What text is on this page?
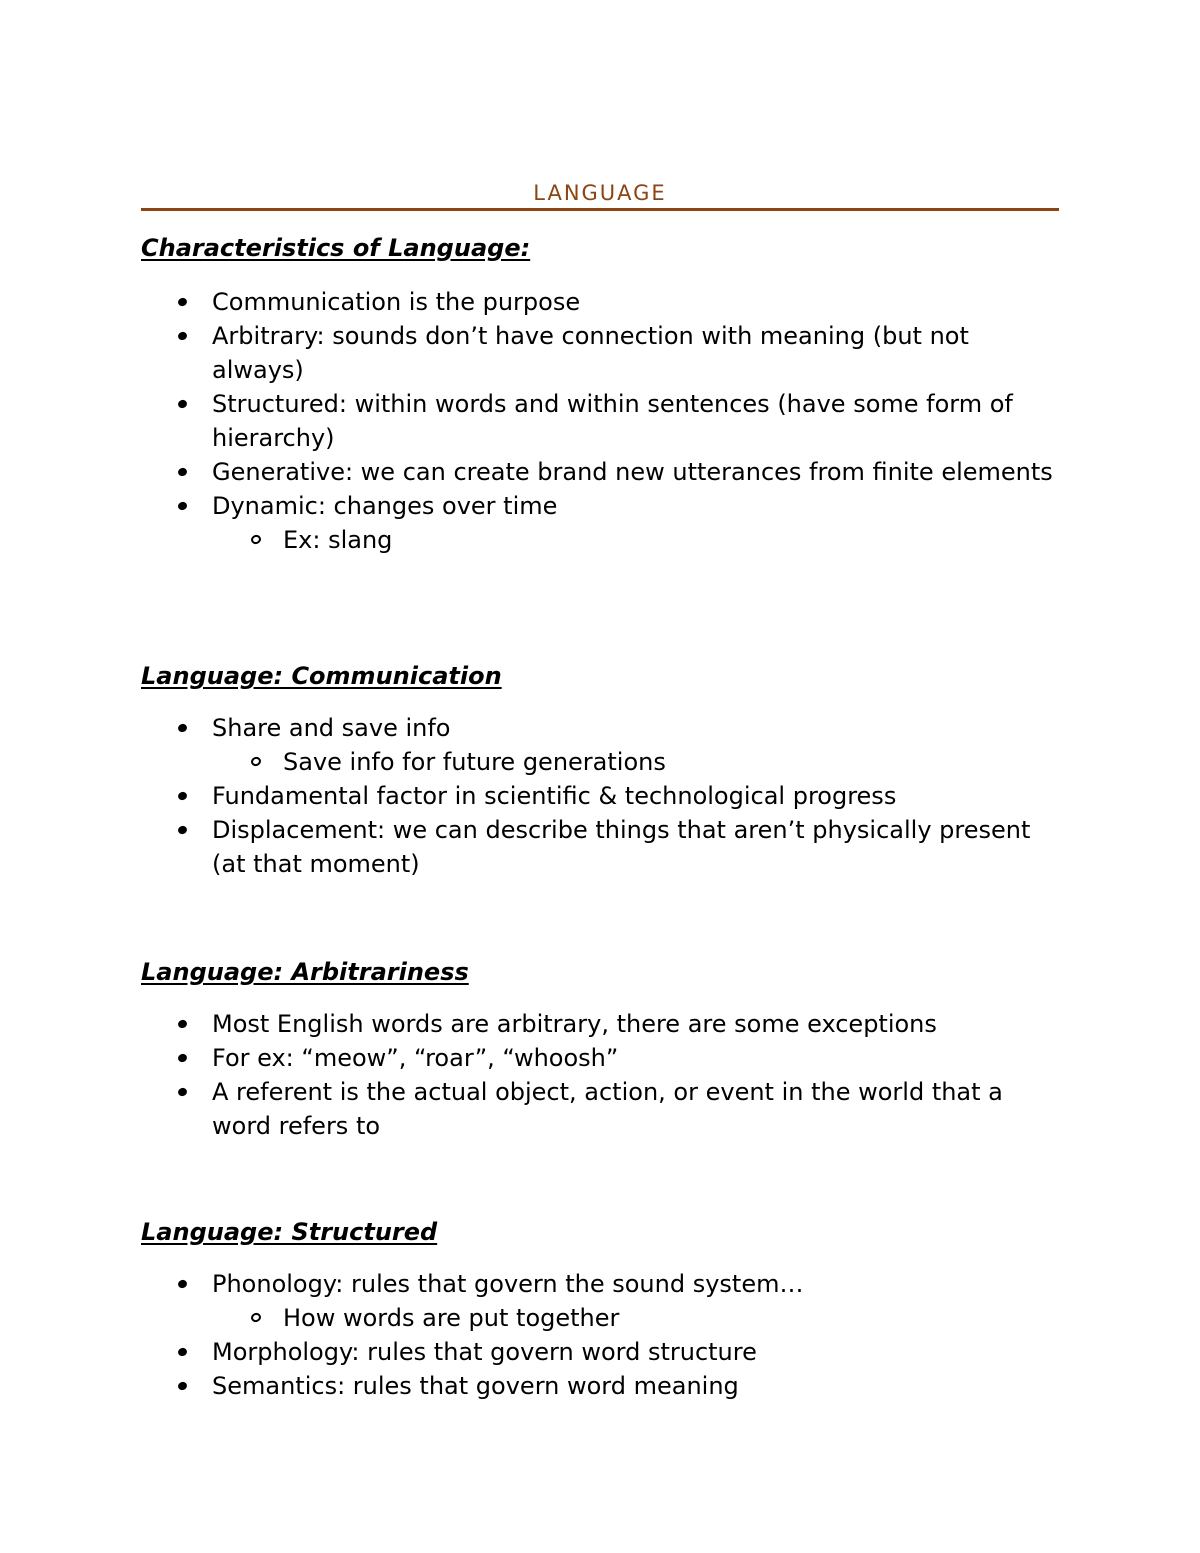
LANGUAGE
Characteristics of Language:
Communication is the purpose
Arbitrary: sounds don’t have connection with meaning (but not always)
Structured: within words and within sentences (have some form of hierarchy)
Generative: we can create brand new utterances from finite elements
Dynamic: changes over time
Ex: slang
Language: Communication
Share and save info
Save info for future generations
Fundamental factor in scientific & technological progress
Displacement: we can describe things that aren’t physically present (at that moment)
Language: Arbitrariness
Most English words are arbitrary, there are some exceptions
For ex: “meow”, “roar”, “whoosh”
A referent is the actual object, action, or event in the world that a word refers to
Language: Structured
Phonology: rules that govern the sound system…
How words are put together
Morphology: rules that govern word structure
Semantics: rules that govern word meaning
